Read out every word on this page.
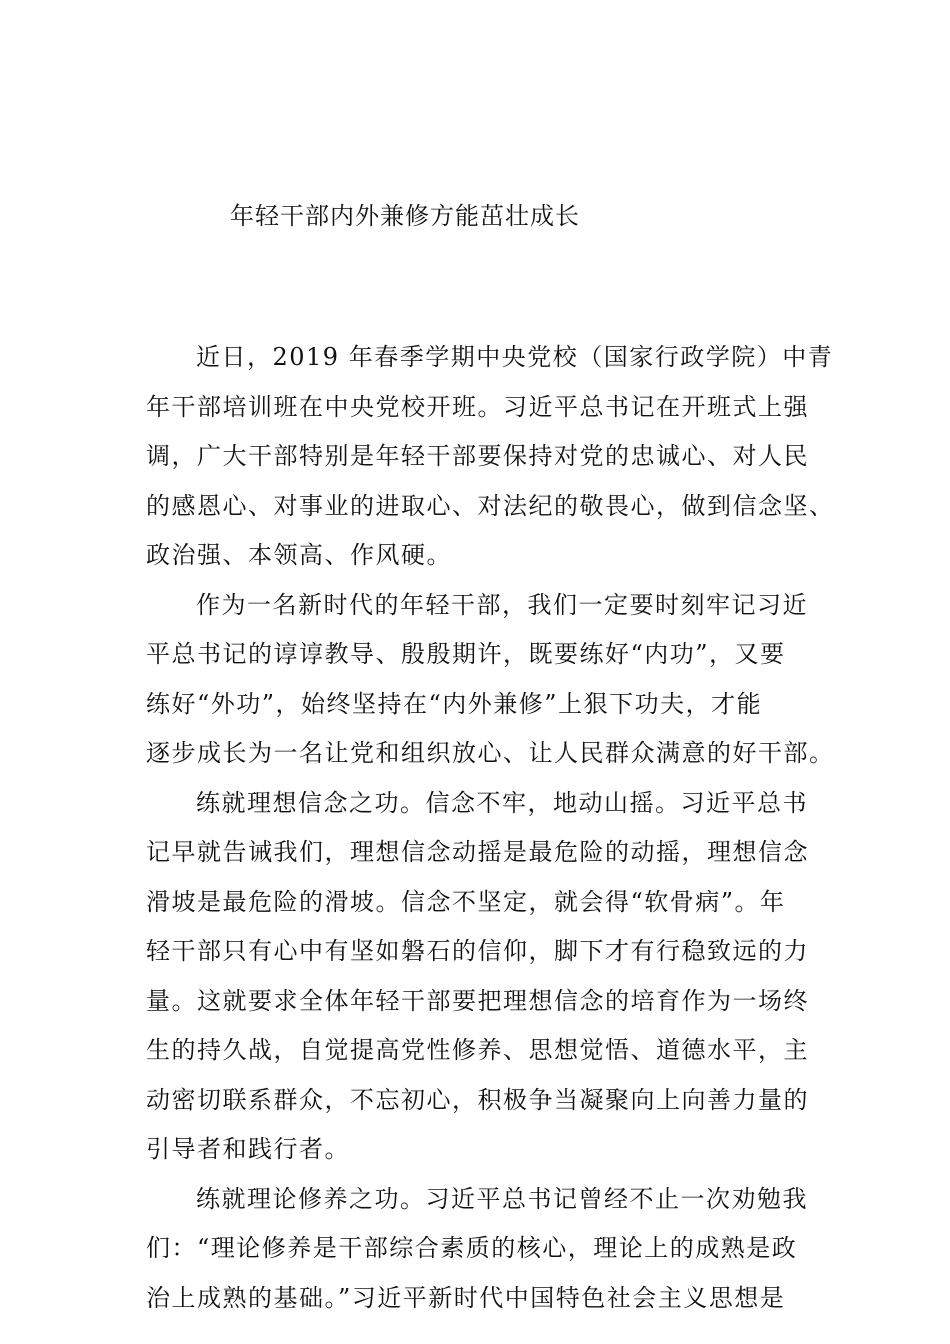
年轻干部内外兼修方能茁壮成长
近日，2019 年春季学期中央党校（国家行政学院）中青
年干部培训班在中央党校开班。习近平总书记在开班式上强
调，广大干部特别是年轻干部要保持对党的忠诚心、对人民
的感恩心、对事业的进取心、对法纪的敬畏心，做到信念坚、
政治强、本领高、作风硬。
作为一名新时代的年轻干部，我们一定要时刻牢记习近
平总书记的谆谆教导、殷殷期许，既要练好“内功”，又要
练好“外功”，始终坚持在“内外兼修”上狠下功夫，才能
逐步成长为一名让党和组织放心、让人民群众满意的好干部。
练就理想信念之功。信念不牢，地动山摇。习近平总书
记早就告诫我们，理想信念动摇是最危险的动摇，理想信念
滑坡是最危险的滑坡。信念不坚定，就会得“软骨病”。年
轻干部只有心中有坚如磐石的信仰，脚下才有行稳致远的力
量。这就要求全体年轻干部要把理想信念的培育作为一场终
生的持久战，自觉提高党性修养、思想觉悟、道德水平，主
动密切联系群众，不忘初心，积极争当凝聚向上向善力量的
引导者和践行者。
练就理论修养之功。习近平总书记曾经不止一次劝勉我
们：“理论修养是干部综合素质的核心，理论上的成熟是政
治上成熟的基础。”习近平新时代中国特色社会主义思想是
